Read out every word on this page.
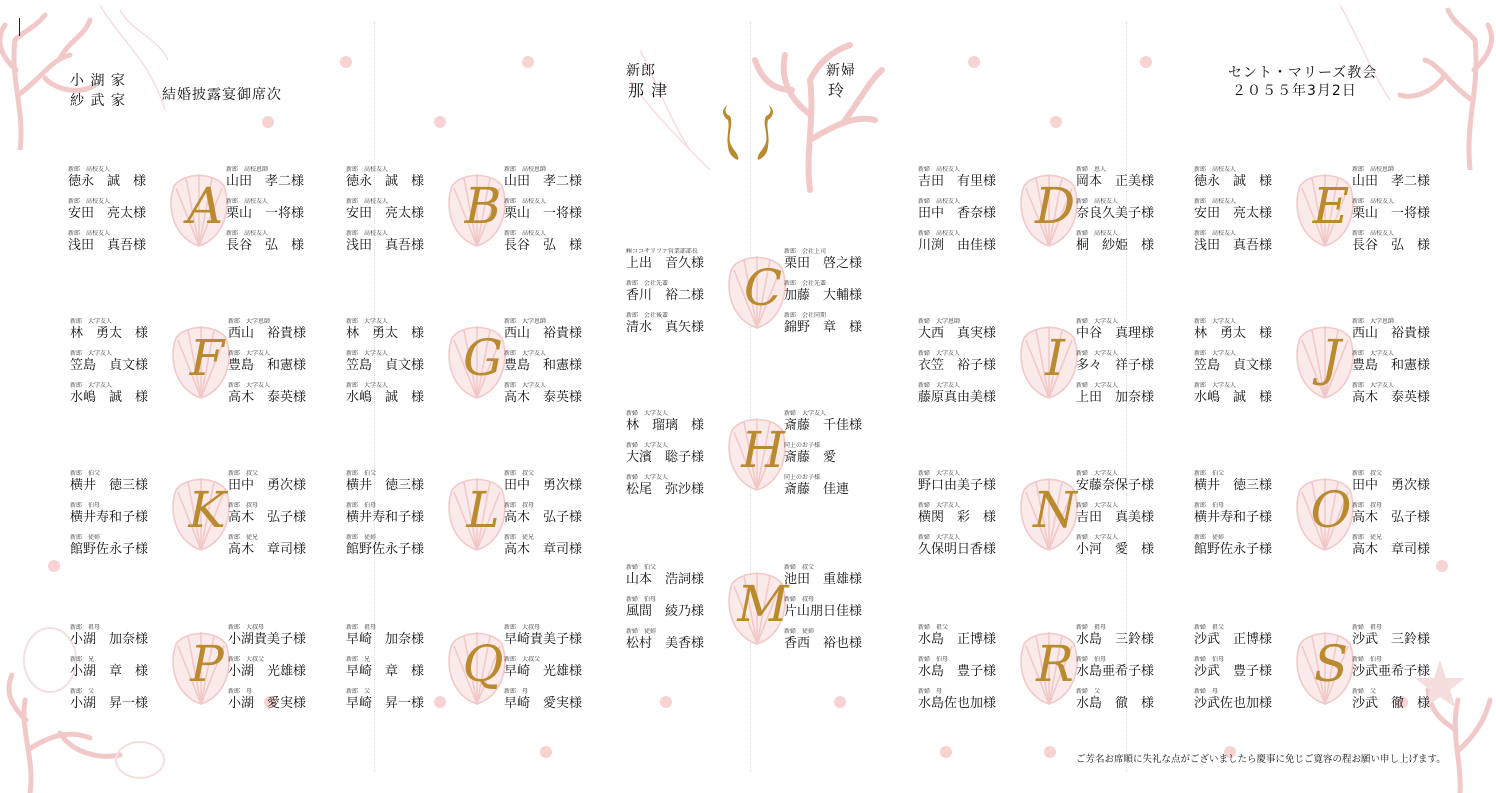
小 湖 家
紗 武 家	結婚披露宴御席次
新郎
那 津
新婦
玲
セント・マリーズ教会
２０５５年3月2日
A
新郎　高校友人
徳永　誠　様
新郎　高校恩師
山田　孝二様
新郎　高校友人
安田　亮太様
新郎　高校友人
栗山　一将様
新郎　高校友人
浅田　真吾様
新郎　高校友人
長谷　弘　様
B
新郎　高校友人
徳永　誠　様
新郎　高校恩師
山田　孝二様
新郎　高校友人
安田　亮太様
新郎　高校友人
栗山　一将様
新郎　高校友人
浅田　真吾様
新郎　高校友人
長谷　弘　様
C
㈱ココサリファ営業部部長
上出　音久様
新郎　会社上司
栗田　啓之様
新郎　会社先輩
香川　裕二様
新郎　会社先輩
加藤　大輔様
新郎　会社後輩
清水　真矢様
新郎　会社同期
錦野　章　様
D
新婦　高校友人
吉田　有里様
新婦　恩人
岡本　正美様
新婦　高校友人
田中　香奈様
新婦　高校友人
奈良久美子様
新婦　高校友人
川渕　由佳様
新婦　高校友人
桐　紗姫　様
E
新郎　高校友人
徳永　誠　様
新郎　高校恩師
山田　孝二様
新郎　高校友人
安田　亮太様
新郎　高校友人
栗山　一将様
新郎　高校友人
浅田　真吾様
新郎　高校友人
長谷　弘　様
F
新郎　大学友人
林　勇太　様
新郎　大学恩師
西山　裕貴様
新郎　大学友人
笠島　貞文様
新郎　大学友人
豊島　和憲様
新郎　大学友人
水嶋　誠　様
新郎　大学友人
高木　泰英様
G
新郎　大学友人
林　勇太　様
新郎　大学恩師
西山　裕貴様
新郎　大学友人
笠島　貞文様
新郎　大学友人
豊島　和憲様
新郎　大学友人
水嶋　誠　様
新郎　大学友人
高木　泰英様
H
新婦　大学友人
林　瑠璃　様
新婦　大学友人
斎藤　千佳様
新婦　大学友人
大濱　聡子様
同上のお子様
斎藤　愛
新婦　大学友人
松尾　弥沙様
同上のお子様
斎藤　佳連
I
新婦　大学恩師
大西　真実様
新婦　大学友人
中谷　真理様
新婦　大学友人
衣笠　裕子様
新婦　大学友人
多々　祥子様
新婦　大学友人
藤原真由美様
新婦　大学友人
上田　加奈様
J
新郎　大学友人
林　勇太　様
新郎　大学恩師
西山　裕貴様
新郎　大学友人
笠島　貞文様
新郎　大学友人
豊島　和憲様
新郎　大学友人
水嶋　誠　様
新郎　大学友人
高木　泰英様
K
新郎　伯父
横井　徳三様
新郎　叔父
田中　勇次様
新郎　伯母
横井寿和子様
新郎　叔母
高木　弘子様
新郎　従姉
館野佐永子様
新郎　従兄
高木　章司様
L
新郎　伯父
横井　徳三様
新郎　叔父
田中　勇次様
新郎　伯母
横井寿和子様
新郎　叔母
高木　弘子様
新郎　従姉
館野佐永子様
新郎　従兄
高木　章司様
M
新婦　伯父
山本　浩詞様
新婦　叔父
池田　重雄様
新婦　伯母
風間　綾乃様
新婦　叔母
片山朋日佳様
新婦　従姉
松村　美香様
新婦　従姉
香西　裕也様
N
新婦　大学友人
野口由美子様
新婦　大学友人
安藤奈保子様
新婦　大学友人
横関　彩　様
新婦　大学友人
吉田　真美様
新婦　大学友人
久保明日香様
新婦　大学友人
小河　愛　様
O
新郎　伯父
横井　徳三様
新郎　叔父
田中　勇次様
新郎　伯母
横井寿和子様
新郎　叔母
高木　弘子様
新郎　従姉
館野佐永子様
新郎　従兄
高木　章司様
P
新郎　祖母
小湖　加奈様
新郎　大叔母
小湖貴美子様
新郎　兄
小湖　章　様
新郎　大叔父
小湖　光雄様
新郎　父
小湖　昇一様
新郎　母
小湖　愛実様
Q
新郎　祖母
早崎　加奈様
新郎　大叔母
早崎貴美子様
新郎　兄
早崎　章　様
新郎　大叔父
早崎　光雄様
新郎　父
早崎　昇一様
新郎　母
早崎　愛実様
R
新婦　祖父
水島　正博様
新婦　祖母
水島　三鈴様
新婦　伯母
水島　豊子様
新婦　伯母
水島亜希子様
新婦　母
水島佐也加様
新婦　父
水島　徹　様
S
新婦　祖父
沙武　正博様
新婦　祖母
沙武　三鈴様
新婦　伯母
沙武　豊子様
新婦　伯母
沙武亜希子様
新婦　母
沙武佐也加様
新婦　父
沙武　徹　様
ご芳名お席順に失礼な点がございましたら慶事に免じご寛容の程お願い申し上げます。
